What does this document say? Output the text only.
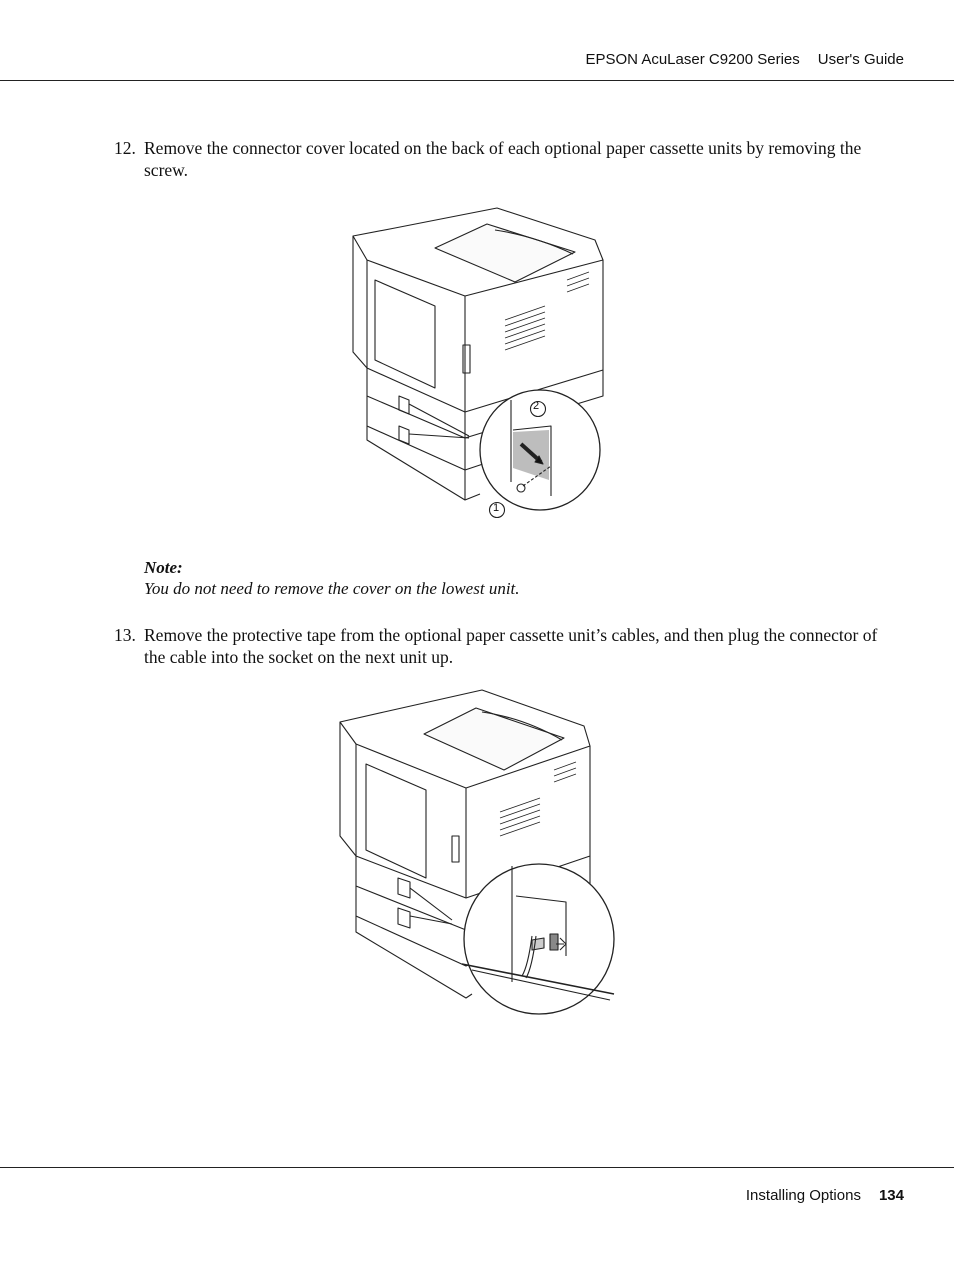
EPSON AcuLaser C9200 Series User's Guide
12. Remove the connector cover located on the back of each optional paper cassette units by removing the screw.
2
1
Note:
You do not need to remove the cover on the lowest unit.
13. Remove the protective tape from the optional paper cassette unit’s cables, and then plug the connector of the cable into the socket on the next unit up.
Installing Options 134
